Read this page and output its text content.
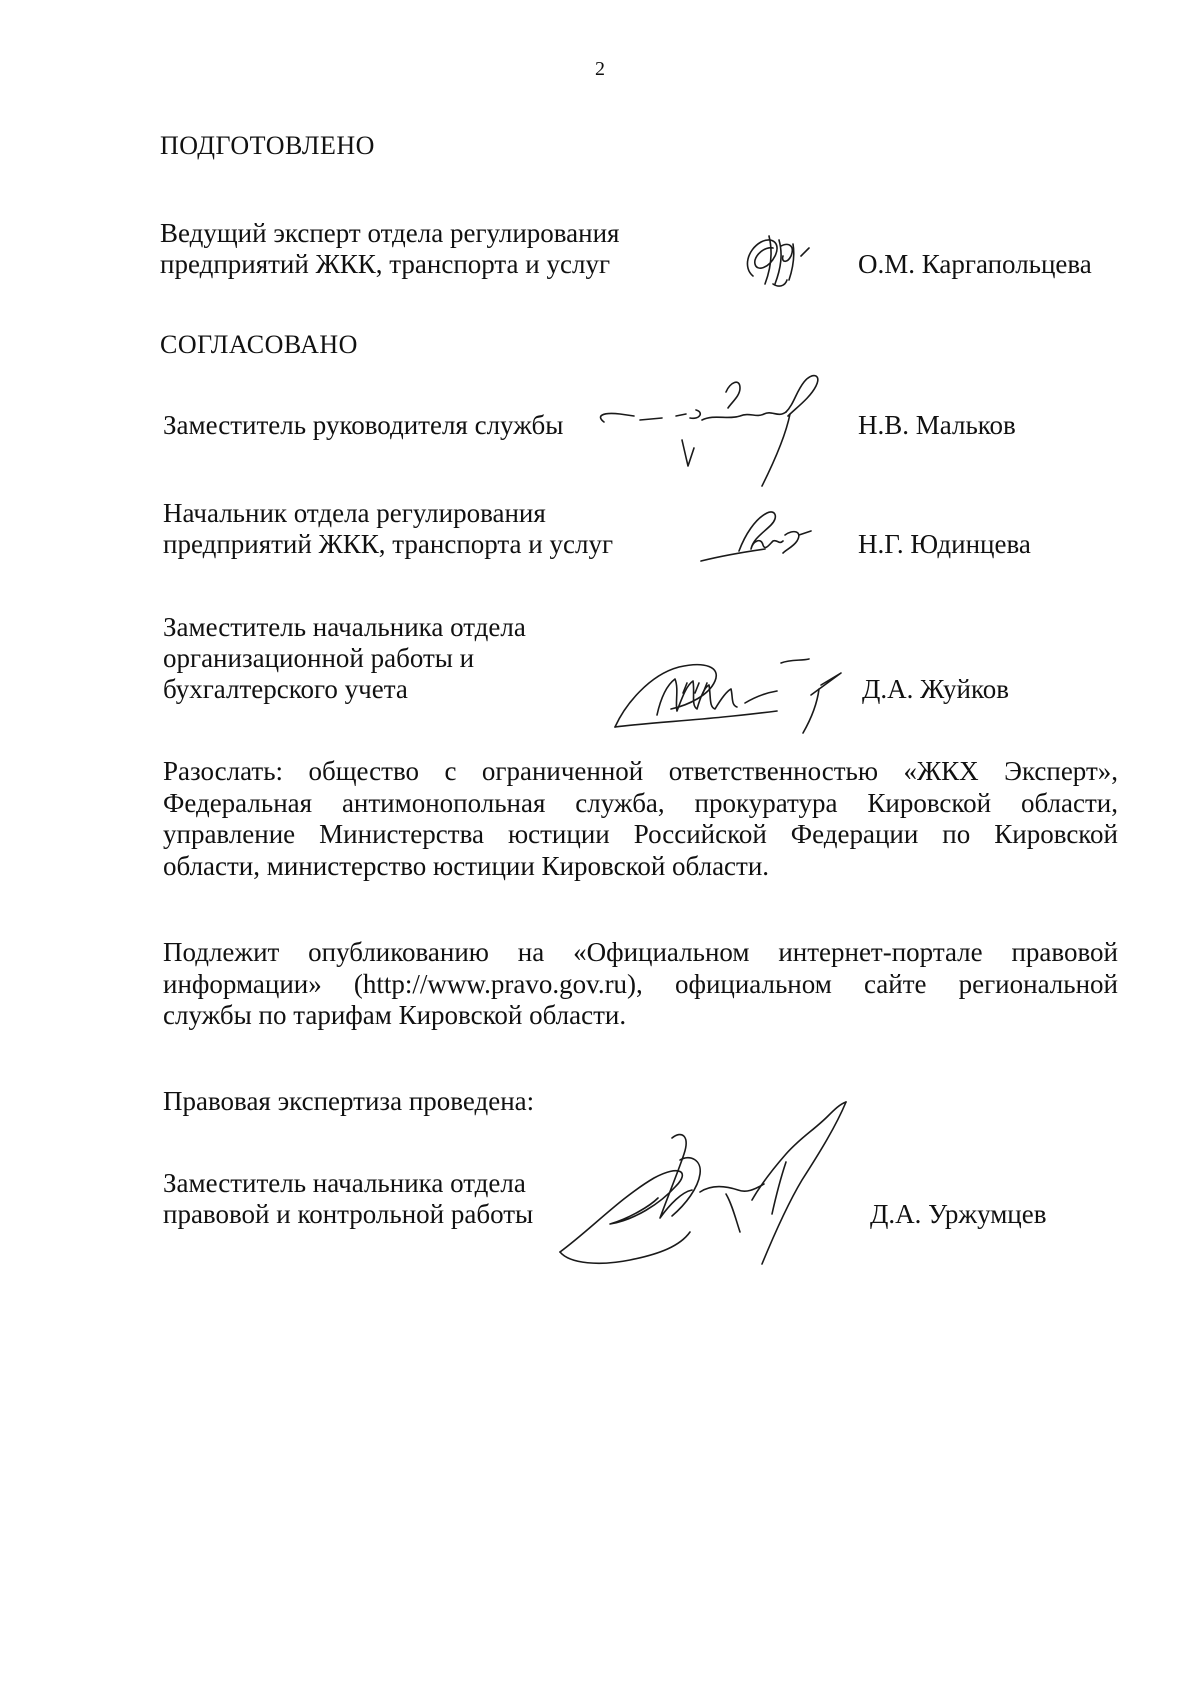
2
ПОДГОТОВЛЕНО
Ведущий эксперт отдела регулирования
предприятий ЖКК, транспорта и услуг	О.М. Каргапольцева
СОГЛАСОВАНО
Заместитель руководителя службы	Н.В. Мальков
Начальник отдела регулирования
предприятий ЖКК, транспорта и услуг	Н.Г. Юдинцева
Заместитель начальника отдела
организационной работы и
бухгалтерского учета	Д.А. Жуйков
Разослать: общество с ограниченной ответственностью «ЖКХ Эксперт»,
Федеральная антимонопольная служба, прокуратура Кировской области,
управление Министерства юстиции Российской Федерации по Кировской
области, министерство юстиции Кировской области.
Подлежит опубликованию на «Официальном интернет-портале правовой
информации» (http://www.pravo.gov.ru), официальном сайте региональной
службы по тарифам Кировской области.
Правовая экспертиза проведена:
Заместитель начальника отдела
правовой и контрольной работы	Д.А. Уржумцев
